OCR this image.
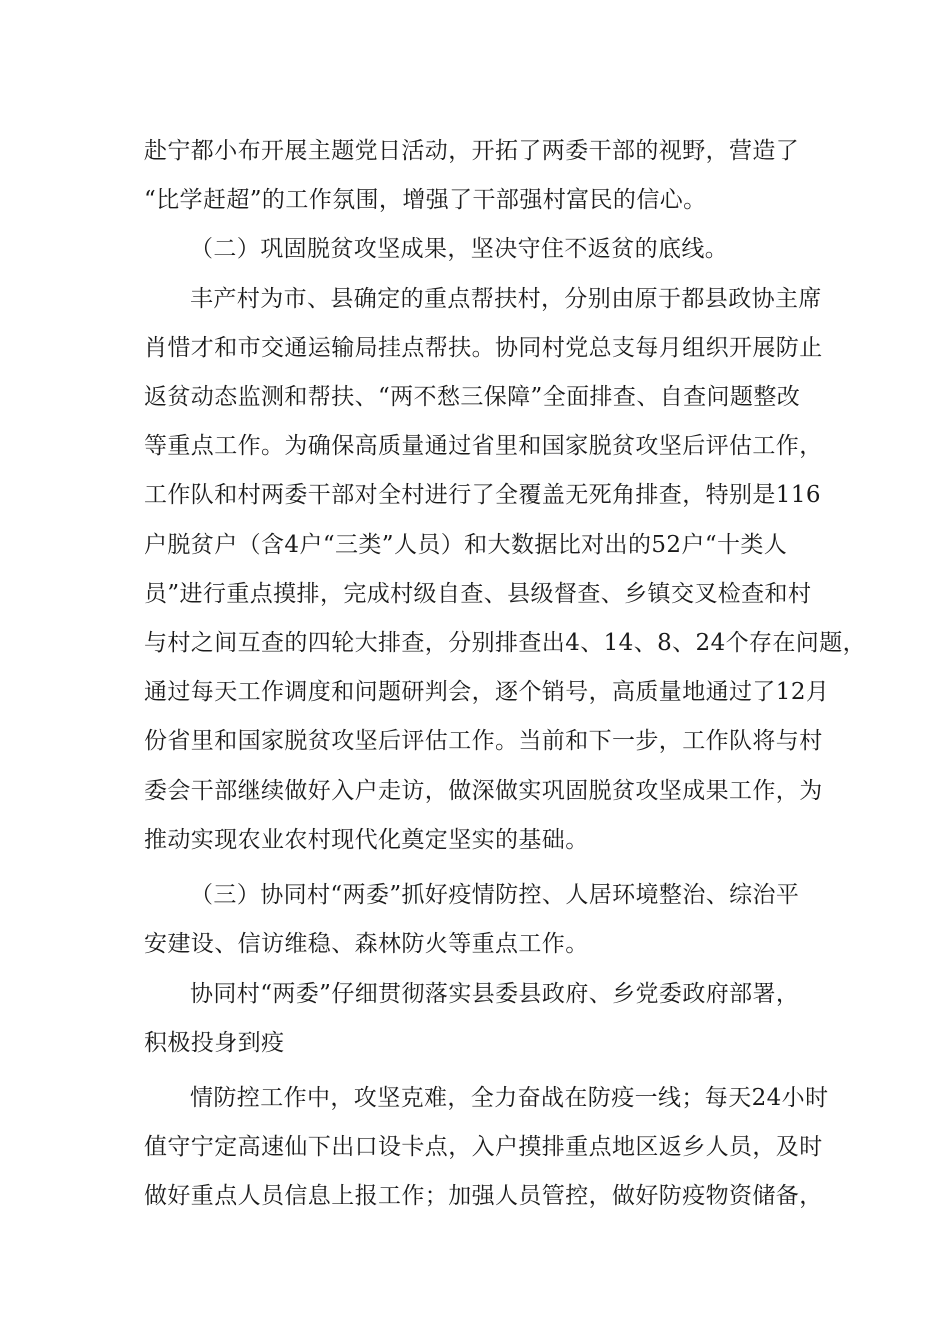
赴宁都小布开展主题党日活动，开拓了两委干部的视野，营造了
“比学赶超”的工作氛围，增强了干部强村富民的信心。
（二）巩固脱贫攻坚成果，坚决守住不返贫的底线。
丰产村为市、县确定的重点帮扶村，分别由原于都县政协主席
肖惜才和市交通运输局挂点帮扶。协同村党总支每月组织开展防止
返贫动态监测和帮扶、“两不愁三保障”全面排查、自查问题整改
等重点工作。为确保高质量通过省里和国家脱贫攻坚后评估工作，
工作队和村两委干部对全村进行了全覆盖无死角排查，特别是116
户脱贫户（含4户“三类”人员）和大数据比对出的52户“十类人
员”进行重点摸排，完成村级自查、县级督查、乡镇交叉检查和村
与村之间互查的四轮大排查，分别排查出4、14、8、24个存在问题，
通过每天工作调度和问题研判会，逐个销号，高质量地通过了12月
份省里和国家脱贫攻坚后评估工作。当前和下一步，工作队将与村
委会干部继续做好入户走访，做深做实巩固脱贫攻坚成果工作，为
推动实现农业农村现代化奠定坚实的基础。
（三）协同村“两委”抓好疫情防控、人居环境整治、综治平
安建设、信访维稳、森林防火等重点工作。
协同村“两委”仔细贯彻落实县委县政府、乡党委政府部署，
积极投身到疫
情防控工作中，攻坚克难，全力奋战在防疫一线；每天24小时
值守宁定高速仙下出口设卡点，入户摸排重点地区返乡人员，及时
做好重点人员信息上报工作；加强人员管控，做好防疫物资储备，
